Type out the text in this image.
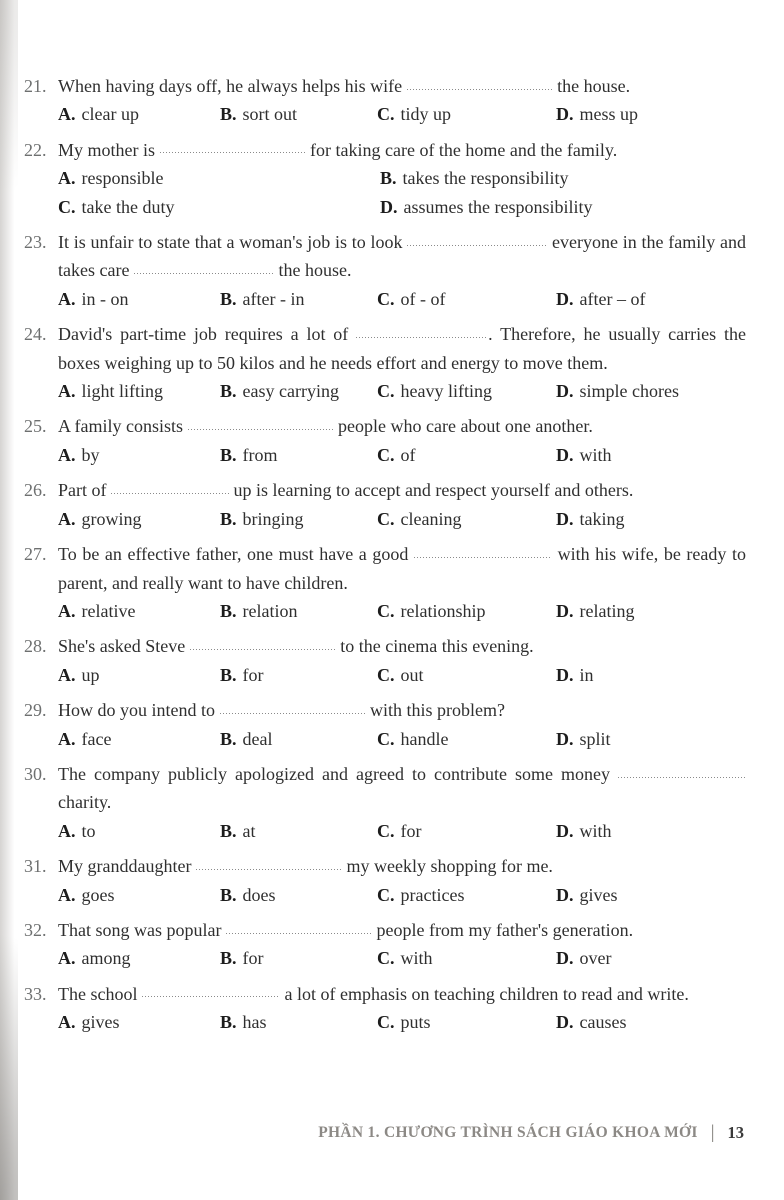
21. When having days off, he always helps his wife	the house.

A. clear up	B. sort out	C. tidy up	D. mess up
22. My mother is	for taking care of the home and the family.

A. responsible	B. takes the responsibility
C. take the duty	D. assumes the responsibility
23. It is unfair to state that a woman's job is to look	everyone in the family and takes care	the house.

A. in - on	B. after - in	C. of - of	D. after – of
24. David's part-time job requires a lot of	. Therefore, he usually carries the boxes weighing up to 50 kilos and he needs effort and energy to move them.

A. light lifting	B. easy carrying	C. heavy lifting	D. simple chores
25. A family consists	people who care about one another.

A. by	B. from	C. of	D. with
26. Part of	up is learning to accept and respect yourself and others.

A. growing	B. bringing	C. cleaning	D. taking
27. To be an effective father, one must have a good	with his wife, be ready to parent, and really want to have children.

A. relative	B. relation	C. relationship	D. relating
28. She's asked Steve	to the cinema this evening.

A. up	B. for	C. out	D. in
29. How do you intend to	with this problem?

A. face	B. deal	C. handle	D. split
30. The company publicly apologized and agreed to contribute some money  charity.

A. to	B. at	C. for	D. with
31. My granddaughter	my weekly shopping for me.

A. goes	B. does	C. practices	D. gives
32. That song was popular	people from my father's generation.

A. among	B. for	C. with	D. over
33. The school	a lot of emphasis on teaching children to read and write.

A. gives	B. has	C. puts	D. causes
PHẦN 1. CHƯƠNG TRÌNH SÁCH GIÁO KHOA MỚI | 13
